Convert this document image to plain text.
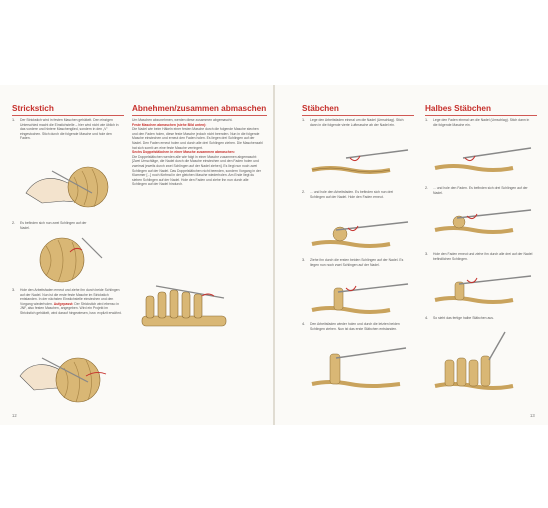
Strickstich
1. Der Strickstich wird in festen Maschen gehäkelt. Den einzigen Unterschied macht die Einstichstelle – hier wird nicht wie üblich in das vordere und hintere Maschenglied, sondern in den „V“ eingestochen. Stich durch die folgende Masche und hole den Faden.

2. Es befinden sich nun zwei Schlingen auf der Nadel.

3. Hole den Arbeitsfaden erneut und ziehe ihn durch beide Schlingen auf der Nadel. Nun ist die erste feste Masche im Strickstich entstanden. In der nächsten Einstichstelle einstechen und den Vorgang wiederholen. Aufgepasst: Der Strickstich wird ebenso in JNF, also festen Maschen, angegeben. Wird ein Projekt im Strickstich gehäkelt, wird darauf hingewiesen, bzw. explizit erwähnt.
12
Abnehmen/zusammen abmaschen
Um Maschen abzunehmen, werden diese zusammen abgemascht.
Feste Maschen abmaschen (siehe Bild unten):
Die Nadel wie beim Häkeln einer festen Masche durch die folgende Masche stechen und den Faden holen, diese feste Masche jedoch nicht beenden. Nun in die folgende Masche einstechen und erneut den Faden holen. Es liegen drei Schlingen auf der Nadel. Den Faden erneut holen und durch alle drei Schlingen ziehen. Die Maschenzahl hat sich somit um eine feste Masche verringert.
Sechs Doppelstäbchen in einer Masche zusammen abmaschen:
Die Doppelstäbchen werden alle wie folgt in einer Masche zusammen abgemascht: [Zwei Umschläge, die Nadel durch die Masche einstechen und den Faden holen und zweimal jeweils durch zwei Schlingen auf der Nadel ziehen]. Es liegt nun noch zwei Schlingen auf der Nadel. Das Doppelstäbchen nicht beenden, sondern Vorgang in der Klammer [...] noch fünfmal in der gleichen Masche wiederholen. Am Ende liegt du sieben Schlingen auf der Nadel. Hole den Faden und ziehe ihn nun durch alle Schlingen auf der Nadel hindurch.
Stäbchen
1. Lege den Arbeitsfaden einmal um die Nadel (Umschlag). Stich dann in die folgende vierte Luftmasche ab der Nadel ein.

2. ... und hole den Arbeitsfaden. Es befinden sich nun drei Schlingen auf der Nadel. Hole den Faden erneut.

3. Ziehe ihn durch die ersten beiden Schlingen auf der Nadel. Es liegen nun noch zwei Schlingen auf der Nadel.

4. Den Arbeitsfaden wieder holen und durch die letzten beiden Schlingen ziehen. Nun ist das erste Stäbchen entstanden.

13
Halbes Stäbchen
1. Lege den Faden einmal um die Nadel (Umschlag). Stich dann in die folgende Masche ein.

2. ... und hole den Faden. Es befinden sich drei Schlingen auf der Nadel.

3. Hole den Faden erneut und ziehe ihn durch alle drei auf der Nadel befindlichen Schlingen.

4. So sieht das fertige halbe Stäbchen aus.
